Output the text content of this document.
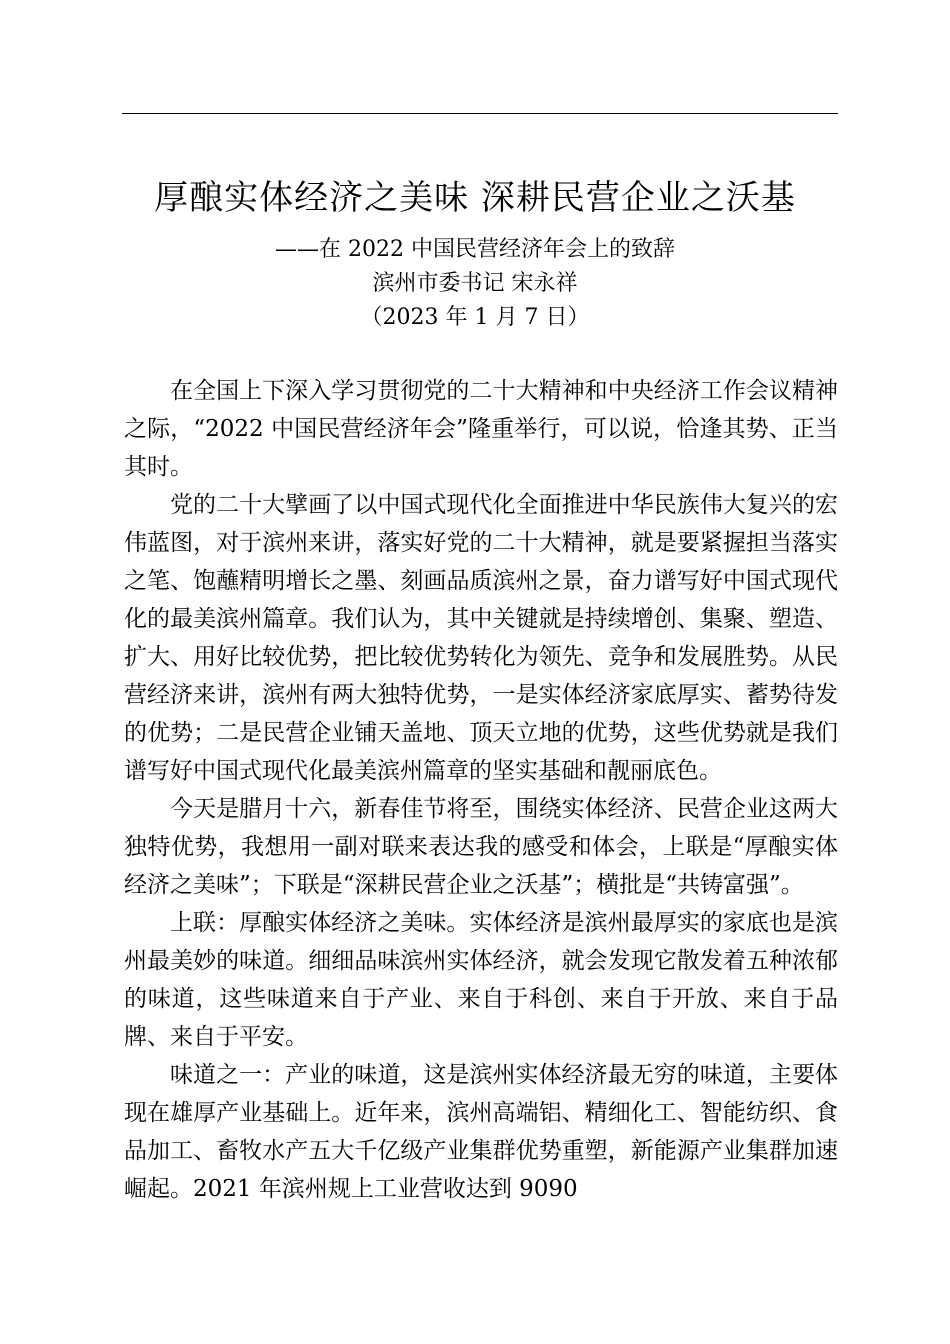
厚酿实体经济之美味 深耕民营企业之沃基
——在 2022 中国民营经济年会上的致辞
滨州市委书记 宋永祥
（2023 年 1 月 7 日）

在全国上下深入学习贯彻党的二十大精神和中央经济工作会议精神之际，“2022 中国民营经济年会”隆重举行，可以说，恰逢其势、正当其时。

党的二十大擘画了以中国式现代化全面推进中华民族伟大复兴的宏伟蓝图，对于滨州来讲，落实好党的二十大精神，就是要紧握担当落实之笔、饱蘸精明增长之墨、刻画品质滨州之景，奋力谱写好中国式现代化的最美滨州篇章。我们认为，其中关键就是持续增创、集聚、塑造、扩大、用好比较优势，把比较优势转化为领先、竞争和发展胜势。从民营经济来讲，滨州有两大独特优势，一是实体经济家底厚实、蓄势待发的优势；二是民营企业铺天盖地、顶天立地的优势，这些优势就是我们谱写好中国式现代化最美滨州篇章的坚实基础和靓丽底色。

今天是腊月十六，新春佳节将至，围绕实体经济、民营企业这两大独特优势，我想用一副对联来表达我的感受和体会，上联是“厚酿实体经济之美味”；下联是“深耕民营企业之沃基”；横批是“共铸富强”。

上联：厚酿实体经济之美味。实体经济是滨州最厚实的家底也是滨州最美妙的味道。细细品味滨州实体经济，就会发现它散发着五种浓郁的味道，这些味道来自于产业、来自于科创、来自于开放、来自于品牌、来自于平安。

味道之一：产业的味道，这是滨州实体经济最无穷的味道，主要体现在雄厚产业基础上。近年来，滨州高端铝、精细化工、智能纺织、食品加工、畜牧水产五大千亿级产业集群优势重塑，新能源产业集群加速崛起。2021 年滨州规上工业营收达到 9090
